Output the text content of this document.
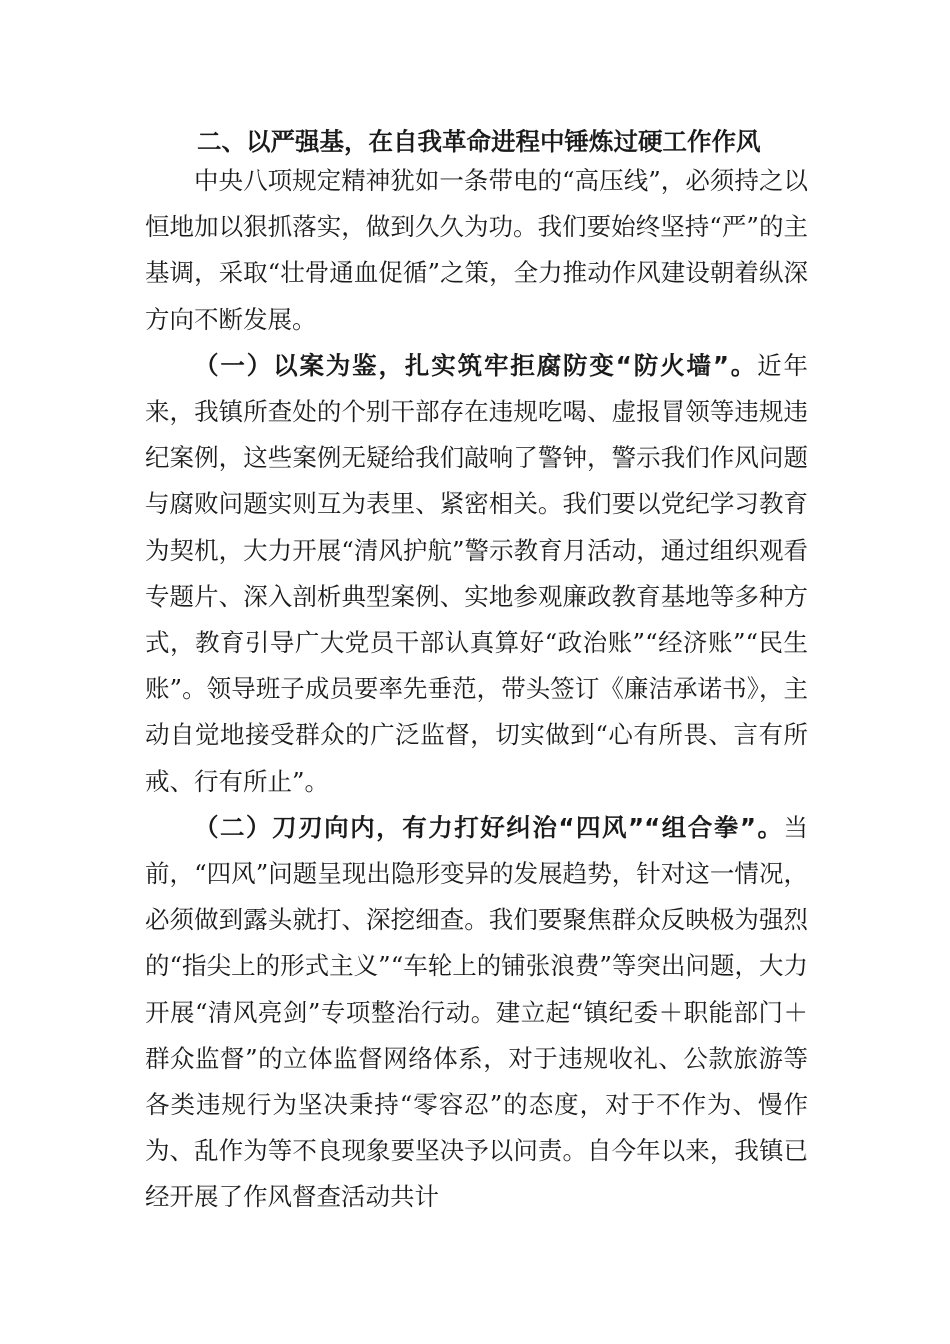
二、以严强基，在自我革命进程中锤炼过硬工作作风

中央八项规定精神犹如一条带电的“高压线”，必须持之以恒地加以狠抓落实，做到久久为功。我们要始终坚持“严”的主基调，采取“壮骨通血促循”之策，全力推动作风建设朝着纵深方向不断发展。

（一）以案为鉴，扎实筑牢拒腐防变“防火墙”。近年来，我镇所查处的个别干部存在违规吃喝、虚报冒领等违规违纪案例，这些案例无疑给我们敲响了警钟，警示我们作风问题与腐败问题实则互为表里、紧密相关。我们要以党纪学习教育为契机，大力开展“清风护航”警示教育月活动，通过组织观看专题片、深入剖析典型案例、实地参观廉政教育基地等多种方式，教育引导广大党员干部认真算好“政治账”“经济账”“民生账”。领导班子成员要率先垂范，带头签订《廉洁承诺书》，主动自觉地接受群众的广泛监督，切实做到“心有所畏、言有所戒、行有所止”。

（二）刀刃向内，有力打好纠治“四风”“组合拳”。当前，“四风”问题呈现出隐形变异的发展趋势，针对这一情况，必须做到露头就打、深挖细查。我们要聚焦群众反映极为强烈的“指尖上的形式主义”“车轮上的铺张浪费”等突出问题，大力开展“清风亮剑”专项整治行动。建立起“镇纪委＋职能部门＋群众监督”的立体监督网络体系，对于违规收礼、公款旅游等各类违规行为坚决秉持“零容忍”的态度，对于不作为、慢作为、乱作为等不良现象要坚决予以问责。自今年以来，我镇已经开展了作风督查活动共计
